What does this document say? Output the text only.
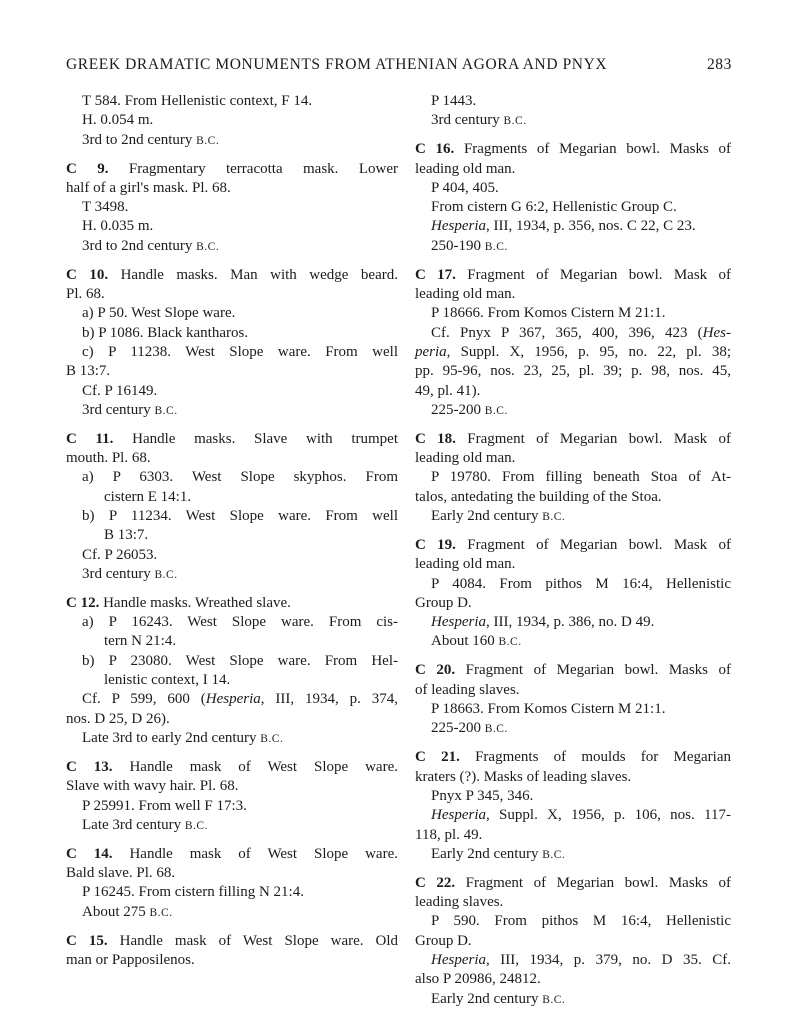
GREEK DRAMATIC MONUMENTS FROM ATHENIAN AGORA AND PNYX	283
T 584. From Hellenistic context, F 14.
H. 0.054 m.
3rd to 2nd century B.C.
C 9. Fragmentary terracotta mask. Lower
half of a girl's mask. Pl. 68.
T 3498.
H. 0.035 m.
3rd to 2nd century B.C.
C 10. Handle masks. Man with wedge beard.
Pl. 68.
a) P 50. West Slope ware.
b) P 1086. Black kantharos.
c) P 11238. West Slope ware. From well
B 13:7.
Cf. P 16149.
3rd century B.C.
C 11. Handle masks. Slave with trumpet
mouth. Pl. 68.
a) P 6303. West Slope skyphos. From
cistern E 14:1.
b) P 11234. West Slope ware. From well
B 13:7.
Cf. P 26053.
3rd century B.C.
C 12. Handle masks. Wreathed slave.
a) P 16243. West Slope ware. From cis-
tern N 21:4.
b) P 23080. West Slope ware. From Hel-
lenistic context, I 14.
Cf. P 599, 600 (Hesperia, III, 1934, p. 374,
nos. D 25, D 26).
Late 3rd to early 2nd century B.C.
C 13. Handle mask of West Slope ware.
Slave with wavy hair. Pl. 68.
P 25991. From well F 17:3.
Late 3rd century B.C.
C 14. Handle mask of West Slope ware.
Bald slave. Pl. 68.
P 16245. From cistern filling N 21:4.
About 275 B.C.
C 15. Handle mask of West Slope ware. Old
man or Papposilenos.
P 1443.
3rd century B.C.
C 16. Fragments of Megarian bowl. Masks of
leading old man.
P 404, 405.
From cistern G 6:2, Hellenistic Group C.
Hesperia, III, 1934, p. 356, nos. C 22, C 23.
250-190 B.C.
C 17. Fragment of Megarian bowl. Mask of
leading old man.
P 18666. From Komos Cistern M 21:1.
Cf. Pnyx P 367, 365, 400, 396, 423 (Hes-
peria, Suppl. X, 1956, p. 95, no. 22, pl. 38;
pp. 95-96, nos. 23, 25, pl. 39; p. 98, nos. 45,
49, pl. 41).
225-200 B.C.
C 18. Fragment of Megarian bowl. Mask of
leading old man.
P 19780. From filling beneath Stoa of At-
talos, antedating the building of the Stoa.
Early 2nd century B.C.
C 19. Fragment of Megarian bowl. Mask of
leading old man.
P 4084. From pithos M 16:4, Hellenistic
Group D.
Hesperia, III, 1934, p. 386, no. D 49.
About 160 B.C.
C 20. Fragment of Megarian bowl. Masks of
of leading slaves.
P 18663. From Komos Cistern M 21:1.
225-200 B.C.
C 21. Fragments of moulds for Megarian
kraters (?). Masks of leading slaves.
Pnyx P 345, 346.
Hesperia, Suppl. X, 1956, p. 106, nos. 117-
118, pl. 49.
Early 2nd century B.C.
C 22. Fragment of Megarian bowl. Masks of
leading slaves.
P 590. From pithos M 16:4, Hellenistic
Group D.
Hesperia, III, 1934, p. 379, no. D 35. Cf.
also P 20986, 24812.
Early 2nd century B.C.
